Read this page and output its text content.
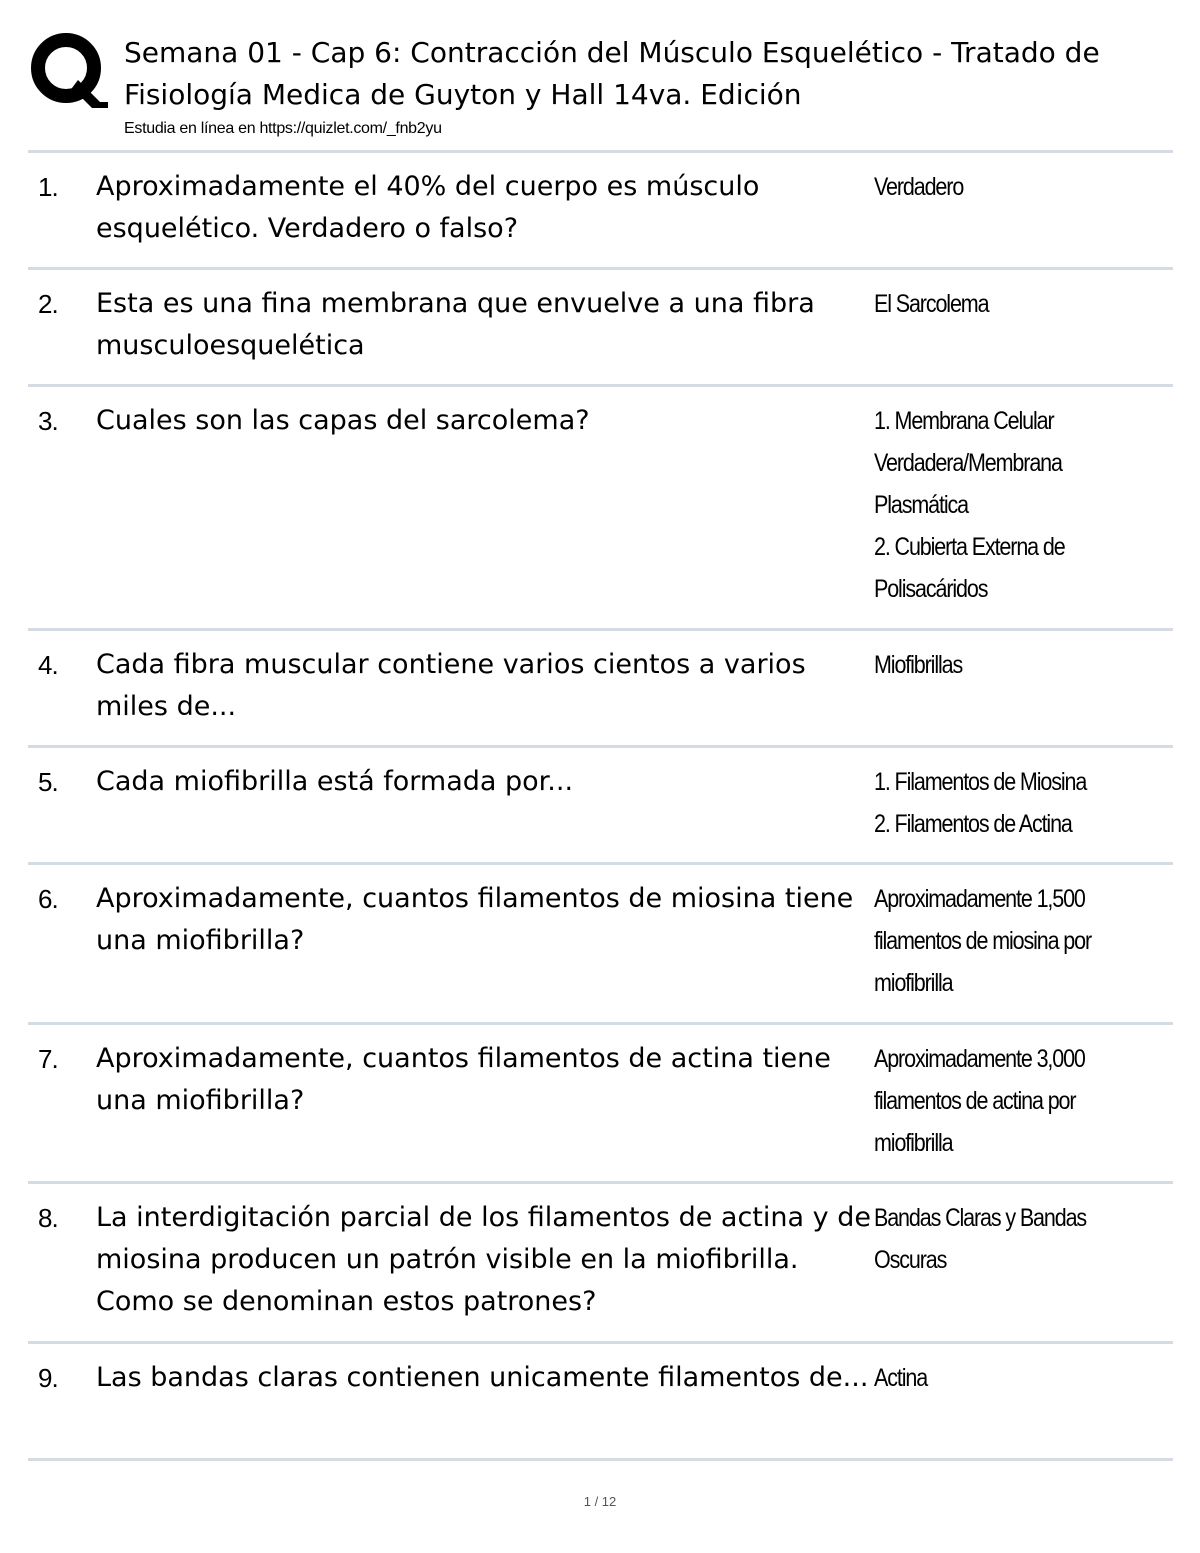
Semana 01 - Cap 6: Contracción del Músculo Esquelético - Tratado de Fisiología Medica de Guyton y Hall 14va. Edición
Estudia en línea en https://quizlet.com/_fnb2yu
1. Aproximadamente el 40% del cuerpo es músculo esquelético. Verdadero o falso?
Verdadero
2. Esta es una fina membrana que envuelve a una fibra musculoesquelética
El Sarcolema
3. Cuales son las capas del sarcolema?	1. Membrana Celular Verdadera/Membrana Plasmática
2. Cubierta Externa de Polisacáridos
4. Cada fibra muscular contiene varios cientos a varios miles de...
Miofibrillas
5. Cada miofibrilla está formada por...	1. Filamentos de Miosina
2. Filamentos de Actina
6. Aproximadamente, cuantos filamentos de miosina tiene una miofibrilla?
Aproximadamente 1,500 filamentos de miosina por miofibrilla
7. Aproximadamente, cuantos filamentos de actina tiene una miofibrilla?
Aproximadamente 3,000 filamentos de actina por miofibrilla
8. La interdigitación parcial de los filamentos de actina y de miosina producen un patrón visible en la miofibrilla. Como se denominan estos patrones?
Bandas Claras y Bandas Oscuras
9. Las bandas claras contienen unicamente filamentos de... Actina
1 / 12
